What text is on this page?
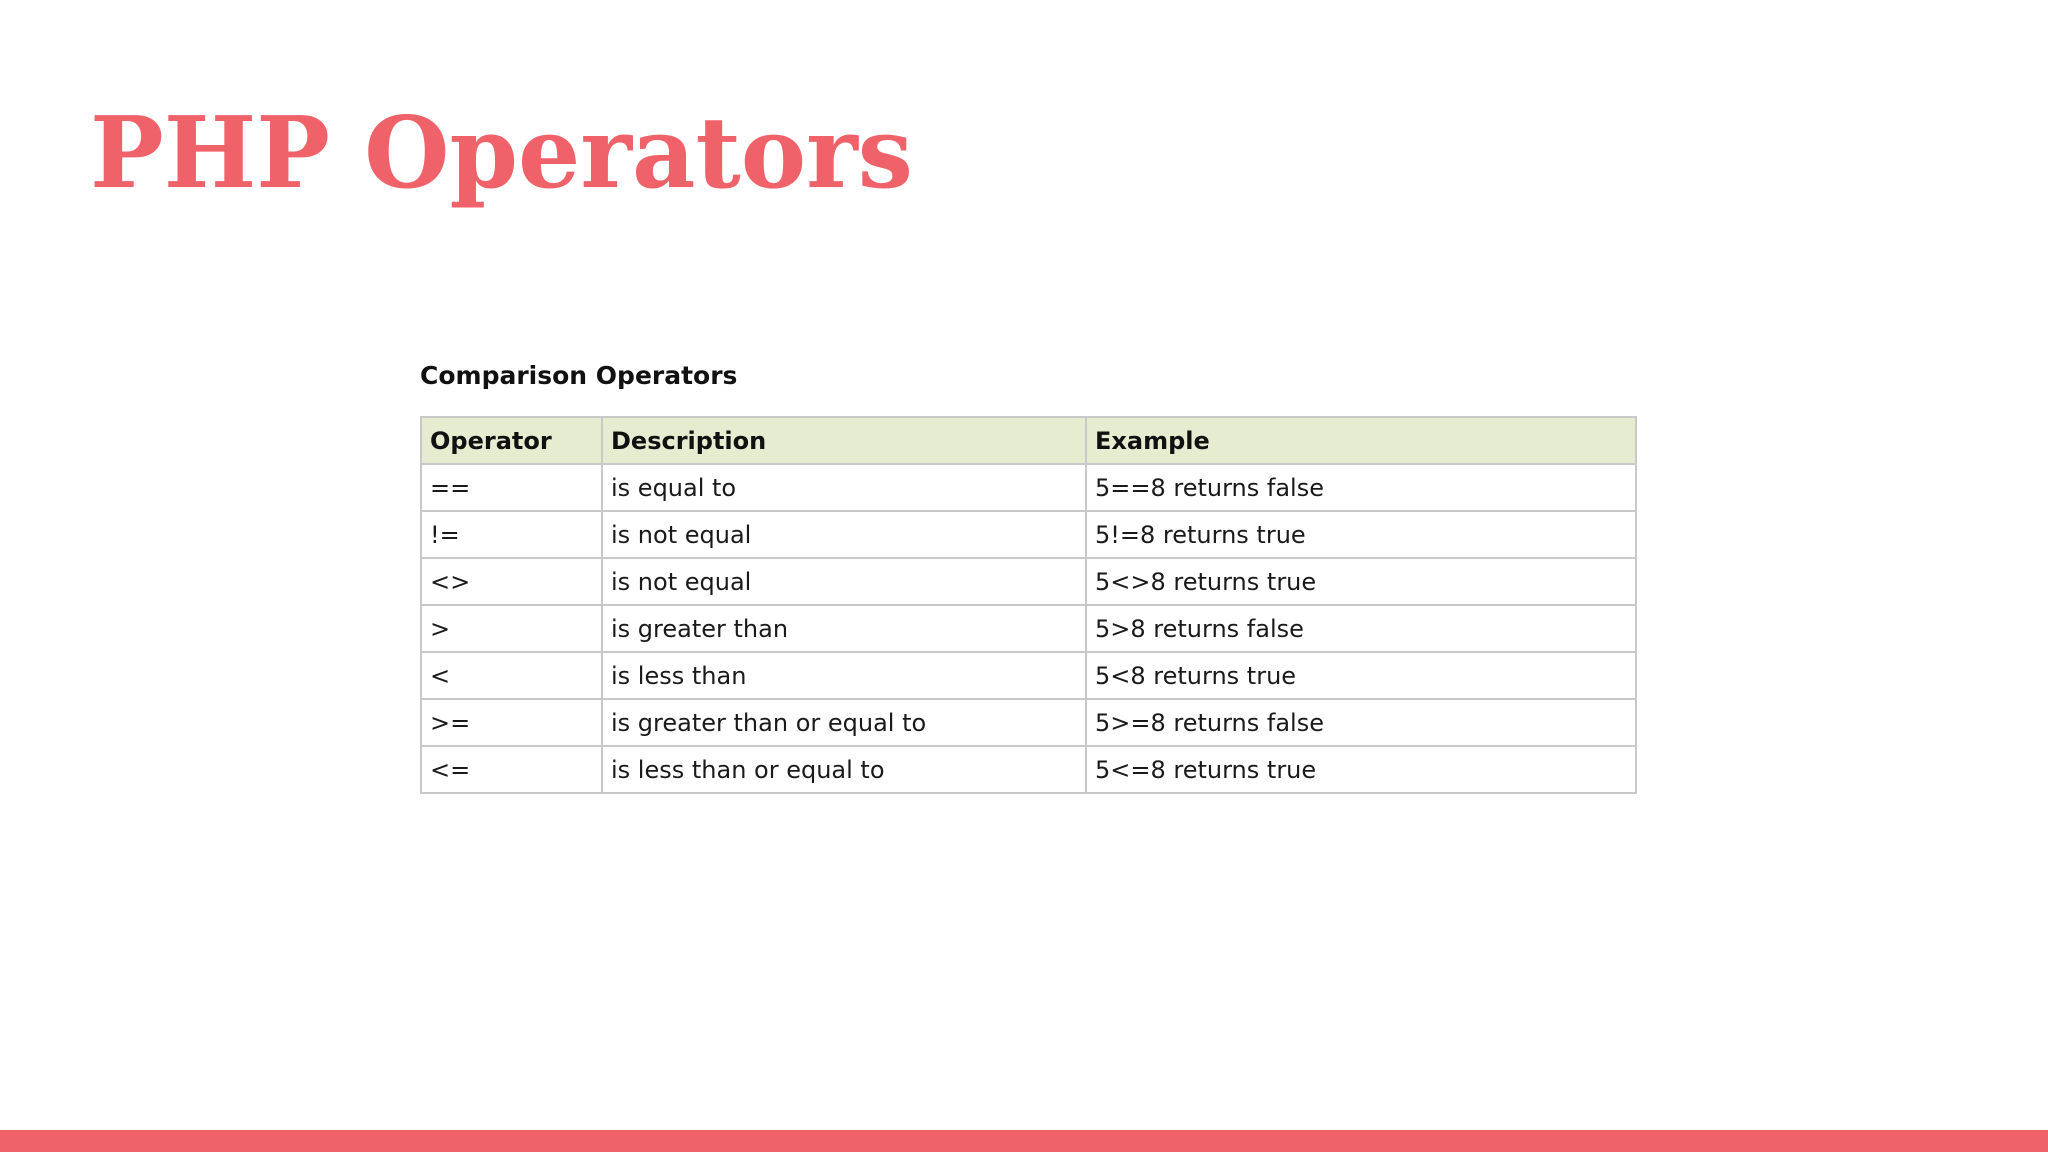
PHP Operators
Comparison Operators
Operator	Description	Example
==	is equal to	5==8 returns false
!=	is not equal	5!=8 returns true
<>	is not equal	5<>8 returns true
>	is greater than	5>8 returns false
<	is less than	5<8 returns true
>=	is greater than or equal to	5>=8 returns false
<=	is less than or equal to	5<=8 returns true
